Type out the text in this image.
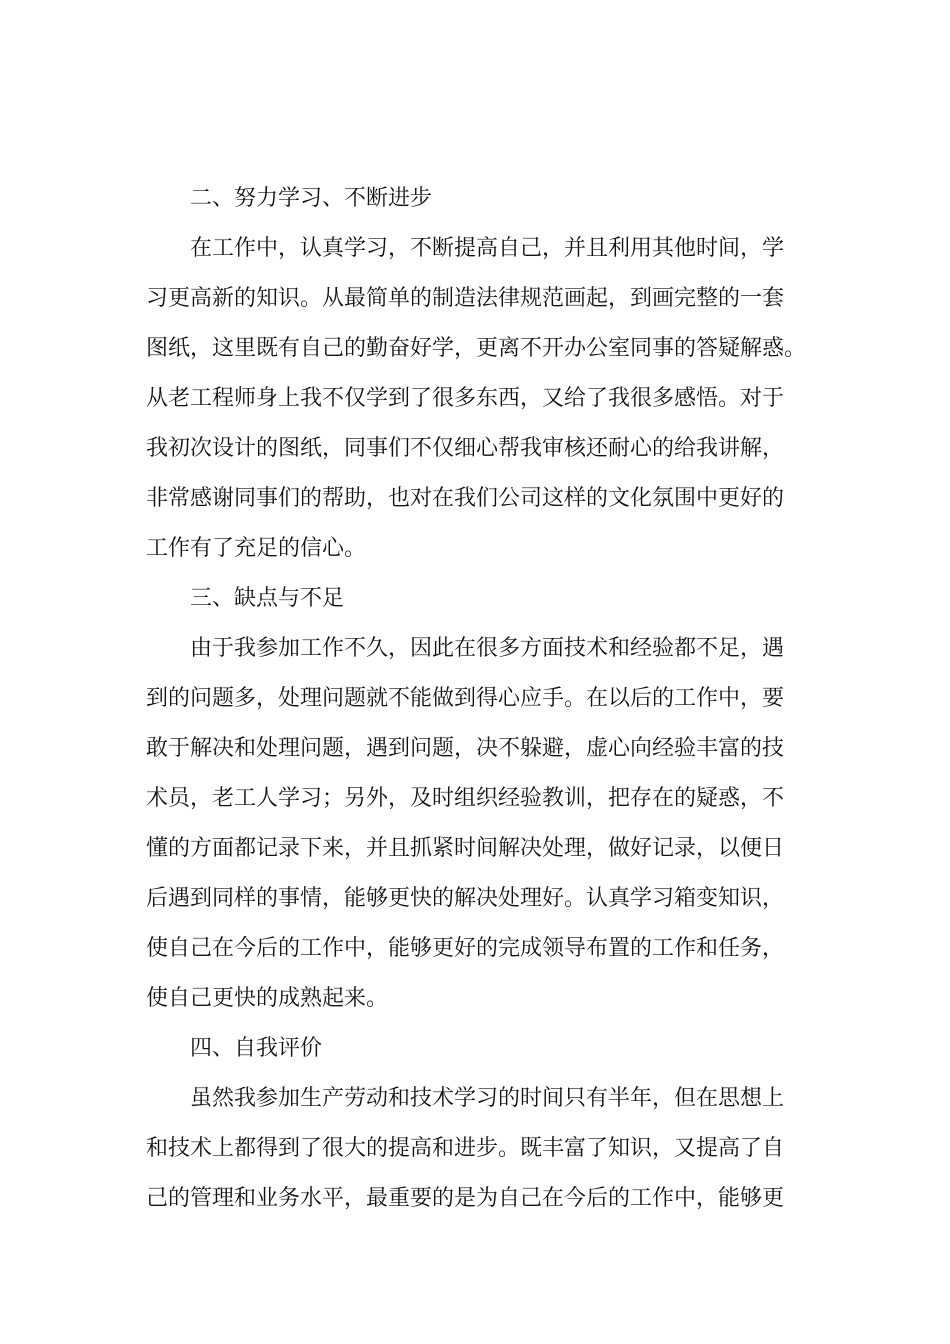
二、努力学习、不断进步

在工作中，认真学习，不断提高自己，并且利用其他时间，学

习更高新的知识。从最简单的制造法律规范画起，到画完整的一套

图纸，这里既有自己的勤奋好学，更离不开办公室同事的答疑解惑。

从老工程师身上我不仅学到了很多东西，又给了我很多感悟。对于

我初次设计的图纸，同事们不仅细心帮我审核还耐心的给我讲解，

非常感谢同事们的帮助，也对在我们公司这样的文化氛围中更好的

工作有了充足的信心。

三、缺点与不足

由于我参加工作不久，因此在很多方面技术和经验都不足，遇

到的问题多，处理问题就不能做到得心应手。在以后的工作中，要

敢于解决和处理问题，遇到问题，决不躲避，虚心向经验丰富的技

术员，老工人学习；另外，及时组织经验教训，把存在的疑惑，不

懂的方面都记录下来，并且抓紧时间解决处理，做好记录，以便日

后遇到同样的事情，能够更快的解决处理好。认真学习箱变知识，

使自己在今后的工作中，能够更好的完成领导布置的工作和任务，

使自己更快的成熟起来。

四、自我评价

虽然我参加生产劳动和技术学习的时间只有半年，但在思想上

和技术上都得到了很大的提高和进步。既丰富了知识，又提高了自

己的管理和业务水平，最重要的是为自己在今后的工作中，能够更
